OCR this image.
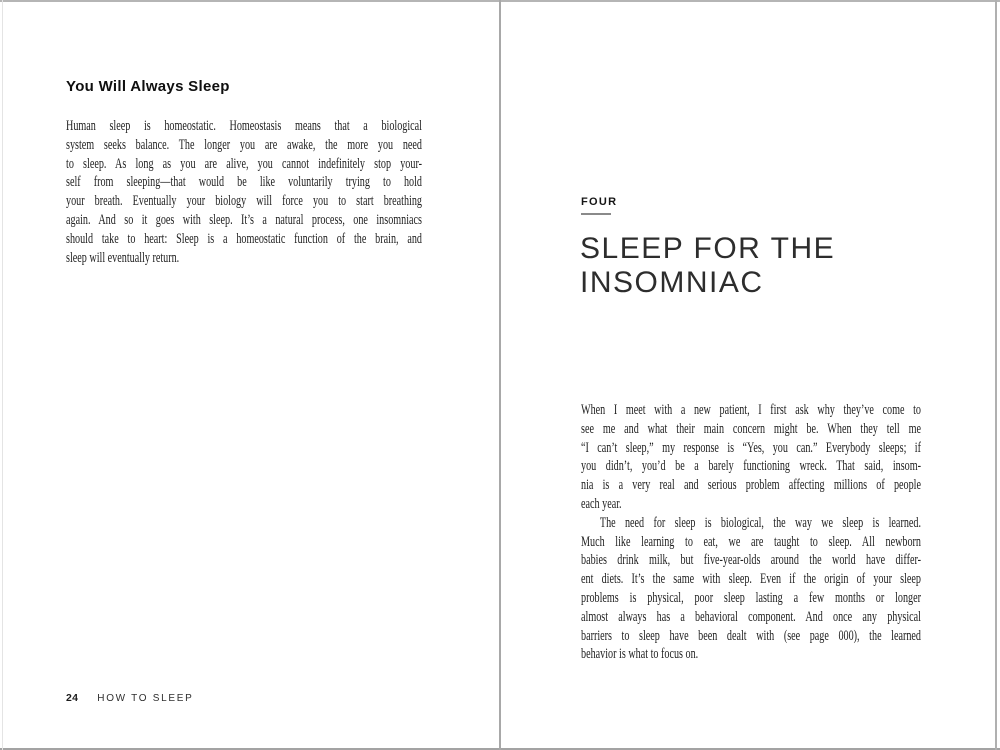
You Will Always Sleep
Human sleep is homeostatic. Homeostasis means that a biological
system seeks balance. The longer you are awake, the more you need
to sleep. As long as you are alive, you cannot indefinitely stop your-
self from sleeping—that would be like voluntarily trying to hold
your breath. Eventually your biology will force you to start breathing
again. And so it goes with sleep. It’s a natural process, one insomniacs
should take to heart: Sleep is a homeostatic function of the brain, and
sleep will eventually return.
24 HOW TO SLEEP
FOUR
SLEEP FOR THE
INSOMNIAC
When I meet with a new patient, I first ask why they’ve come to
see me and what their main concern might be. When they tell me
“I can’t sleep,” my response is “Yes, you can.” Everybody sleeps; if
you didn’t, you’d be a barely functioning wreck. That said, insom-
nia is a very real and serious problem affecting millions of people
each year.
The need for sleep is biological, the way we sleep is learned.
Much like learning to eat, we are taught to sleep. All newborn
babies drink milk, but five-year-olds around the world have differ-
ent diets. It’s the same with sleep. Even if the origin of your sleep
problems is physical, poor sleep lasting a few months or longer
almost always has a behavioral component. And once any physical
barriers to sleep have been dealt with (see page 000), the learned
behavior is what to focus on.
